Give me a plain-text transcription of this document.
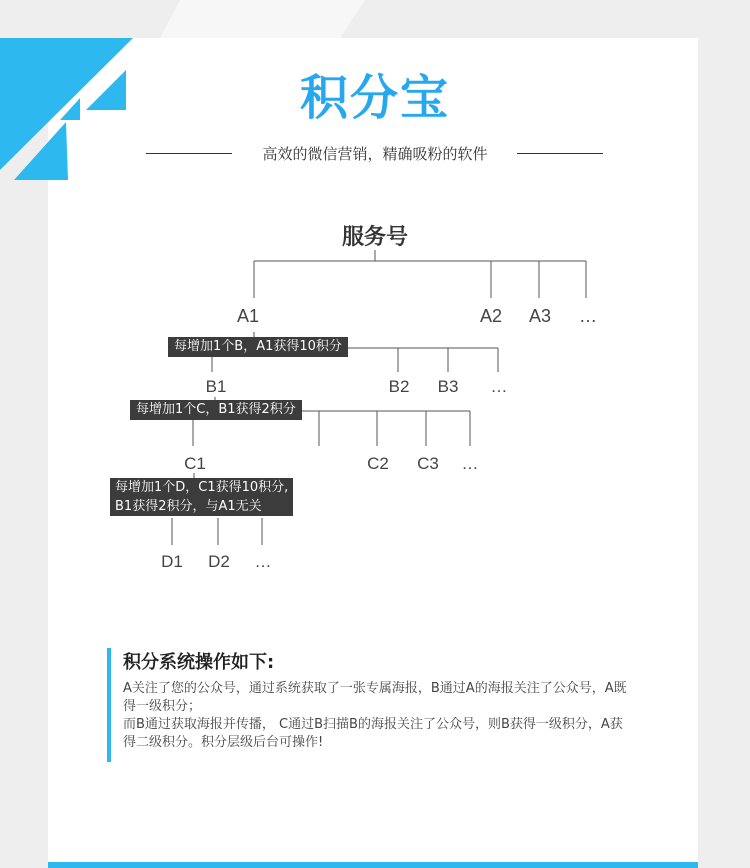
积分宝
高效的微信营销，精确吸粉的软件
服务号
A1	A2 A3 …
每增加1个B，A1获得10积分
B1	B2 B3 …
每增加1个C，B1获得2积分
C1	C2 C3 …
每增加1个D，C1获得10积分,
B1获得2积分，与A1无关
D1 D2 …
积分系统操作如下:

A关注了您的公众号，通过系统获取了一张专属海报，B通过A的海报关注了公众号，A既得一级积分；

而B通过获取海报并传播， C通过B扫描B的海报关注了公众号，则B获得一级积分，A获得二级积分。积分层级后台可操作!
